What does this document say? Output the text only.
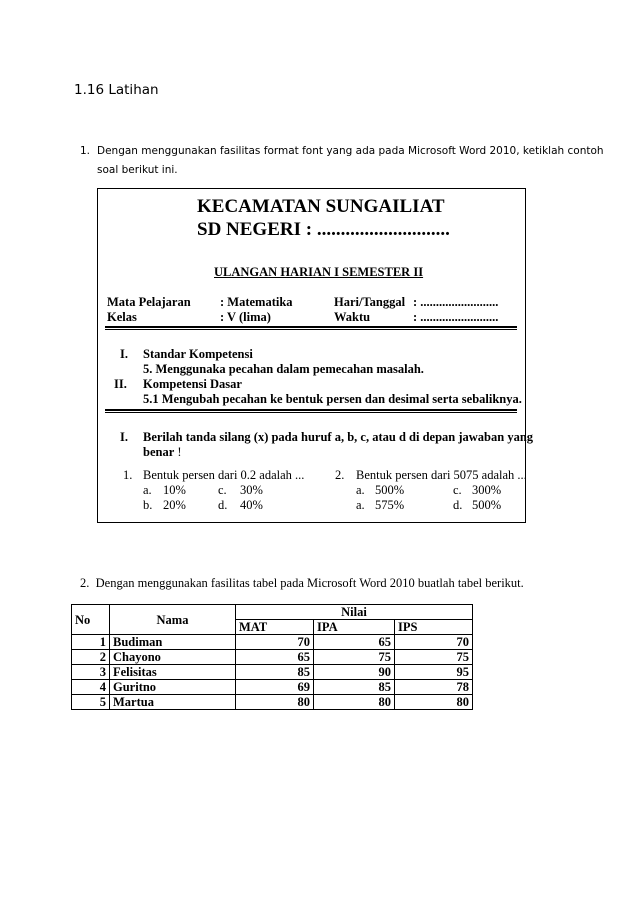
1.16 Latihan
1. Dengan menggunakan fasilitas format font yang ada pada Microsoft Word 2010, ketiklah contoh
soal berikut ini.
KECAMATAN SUNGAILIAT
SD NEGERI : ............................
ULANGAN HARIAN I SEMESTER II
Mata Pelajaran : Matematika	Hari/Tanggal : .........................
Kelas	: V (lima)	Waktu	: .........................
I. Standar Kompetensi
5. Menggunaka pecahan dalam pemecahan masalah.
II. Kompetensi Dasar
5.1 Mengubah pecahan ke bentuk persen dan desimal serta sebaliknya.
I. Berilah tanda silang (x) pada huruf a, b, c, atau d di depan jawaban yang
benar !
1. Bentuk persen dari 0.2 adalah ...
a. 10%	c. 30%
b. 20%	d. 40%
2. Bentuk persen dari 5075 adalah ...
a. 500%	c. 300%
a. 575%	d. 500%
2. Dengan menggunakan fasilitas tabel pada Microsoft Word 2010 buatlah tabel berikut.
No	Nama	Nilai		
		MAT	IPA	IPS
1	Budiman	70	65	70
2	Chayono	65	75	75
3	Felisitas	85	90	95
4	Guritno	69	85	78
5	Martua	80	80	80
